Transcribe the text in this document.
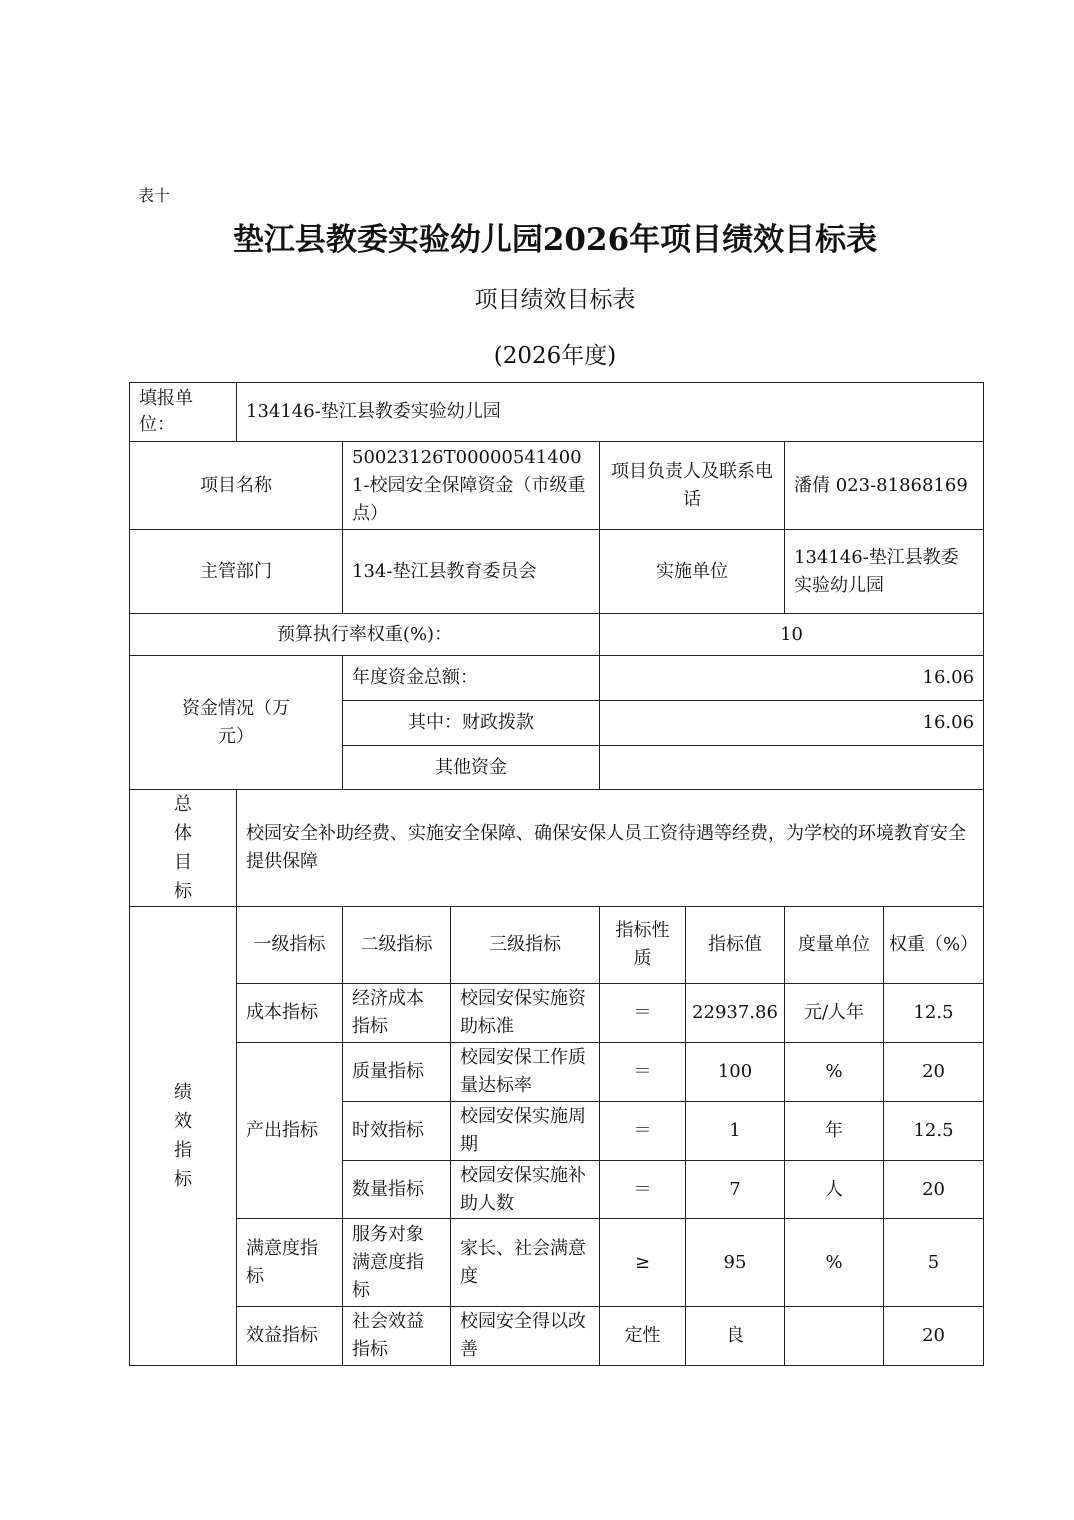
表十
垫江县教委实验幼儿园2026年项目绩效目标表
项目绩效目标表
(2026年度)
填报单位：	134146-垫江县教委实验幼儿园						
项目名称		50023126T000005414001-校园安全保障资金（市级重点）		项目负责人及联系电话		潘倩 023-81868169	
主管部门		134-垫江县教育委员会		实施单位		134146-垫江县教委实验幼儿园	
预算执行率权重(%)：				10			
资金情况（万元）		年度资金总额：		16.06			
		其中：财政拨款		16.06			
		其他资金					

总体目标	校园安全补助经费、实施安全保障、确保安保人员工资待遇等经费，为学校的环境教育安全提供保障						

绩效指标	一级指标	二级指标	三级指标	指标性质	指标值	度量单位	权重（%）
	成本指标	经济成本指标	校园安保实施资助标准	＝	22937.86	元/人年	12.5
	产出指标	质量指标	校园安保工作质量达标率	＝	100	%	20
		时效指标	校园安保实施周期	＝	1	年	12.5
		数量指标	校园安保实施补助人数	＝	7	人	20
	满意度指标	服务对象满意度指标	家长、社会满意度	≥	95	%	5
	效益指标	社会效益指标	校园安全得以改善	定性	良		20
